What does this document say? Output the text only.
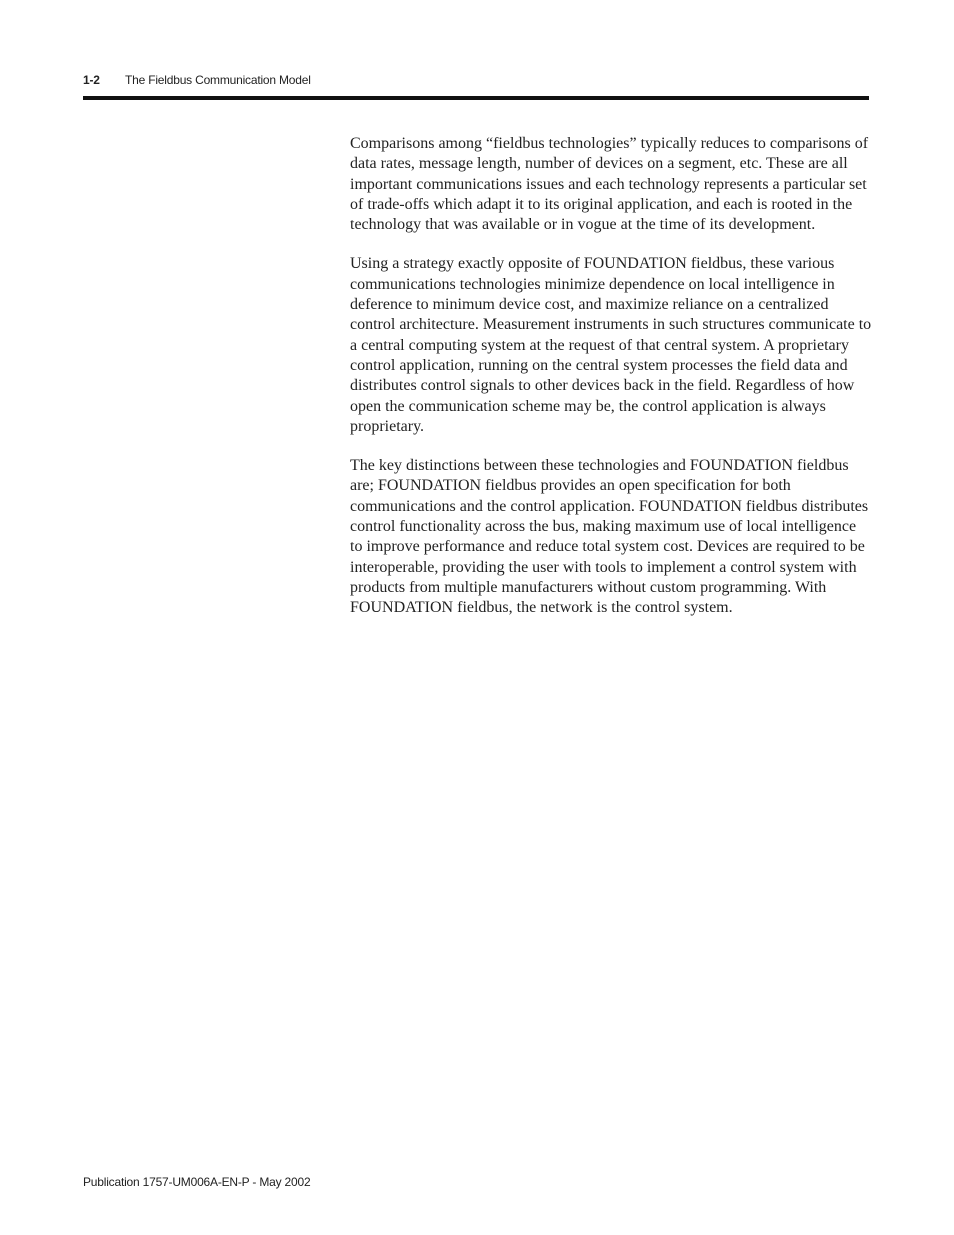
1-2 The Fieldbus Communication Model

Comparisons among “fieldbus technologies” typically reduces to comparisons of data rates, message length, number of devices on a segment, etc. These are all important communications issues and each technology represents a particular set of trade-offs which adapt it to its original application, and each is rooted in the technology that was available or in vogue at the time of its development.

Using a strategy exactly opposite of FOUNDATION fieldbus, these various communications technologies minimize dependence on local intelligence in deference to minimum device cost, and maximize reliance on a centralized control architecture. Measurement instruments in such structures communicate to a central computing system at the request of that central system. A proprietary control application, running on the central system processes the field data and distributes control signals to other devices back in the field. Regardless of how open the communication scheme may be, the control application is always proprietary.

The key distinctions between these technologies and FOUNDATION fieldbus are; FOUNDATION fieldbus provides an open specification for both communications and the control application. FOUNDATION fieldbus distributes control functionality across the bus, making maximum use of local intelligence to improve performance and reduce total system cost. Devices are required to be interoperable, providing the user with tools to implement a control system with products from multiple manufacturers without custom programming. With FOUNDATION fieldbus, the network is the control system.

Publication 1757-UM006A-EN-P - May 2002
